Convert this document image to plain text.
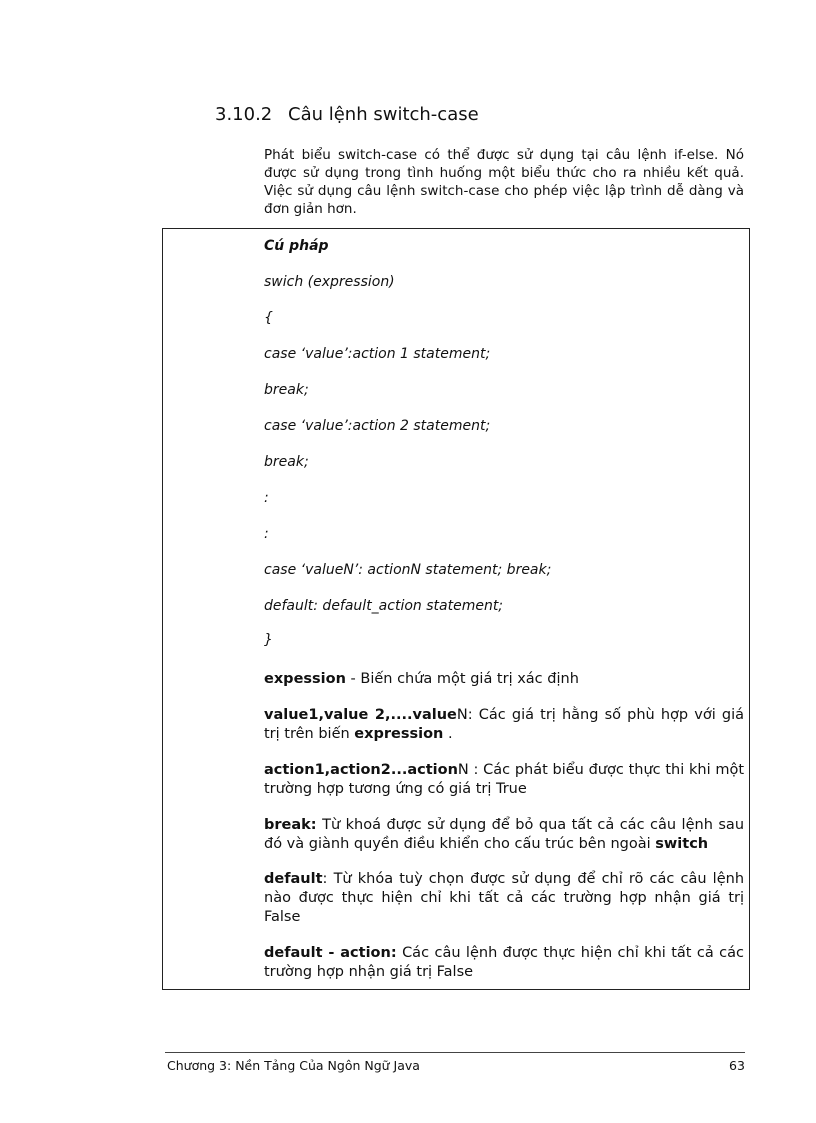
3.10.2 Câu lệnh switch-case
Phát biểu switch-case có thể được sử dụng tại câu lệnh if-else. Nó được sử dụng trong tình huống một biểu thức cho ra nhiều kết quả. Việc sử dụng câu lệnh switch-case cho phép việc lập trình dễ dàng và đơn giản hơn.
Cú pháp
swich (expression)
{
case ‘value’:action 1 statement;
break;
case ‘value’:action 2 statement;
break;
:
:
case ‘valueN’: actionN statement; break;
default: default_action statement;
}
expession - Biến chứa một giá trị xác định
value1,value 2,....valueN: Các giá trị hằng số phù hợp với giá trị trên biến expression .
action1,action2...actionN : Các phát biểu được thực thi khi một trường hợp tương ứng có giá trị True
break: Từ khoá được sử dụng để bỏ qua tất cả các câu lệnh sau đó và giành quyền điều khiển cho cấu trúc bên ngoài switch
default: Từ khóa tuỳ chọn được sử dụng để chỉ rõ các câu lệnh nào được thực hiện chỉ khi tất cả các trường hợp nhận giá trị False
default - action: Các câu lệnh được thực hiện chỉ khi tất cả các trường hợp nhận giá trị False
Chương 3: Nền Tảng Của Ngôn Ngữ Java	63
